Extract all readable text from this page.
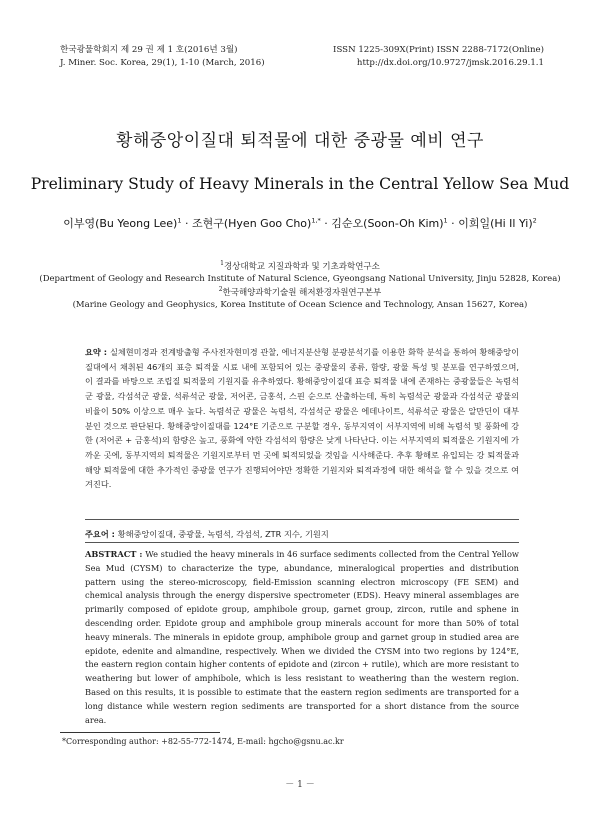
한국광물학회지 제 29 권 제 1 호(2016년 3월)
J. Miner. Soc. Korea, 29(1), 1-10 (March, 2016)
ISSN 1225-309X(Print) ISSN 2288-7172(Online)
http://dx.doi.org/10.9727/jmsk.2016.29.1.1
황해중앙이질대 퇴적물에 대한 중광물 예비 연구
Preliminary Study of Heavy Minerals in the Central Yellow Sea Mud
이부영(Bu Yeong Lee)$^1$ · 조현구(Hyen Goo Cho)$^{1,*}$ · 김순오(Soon-Oh Kim)$^1$ · 이희일(Hi Il Yi)$^2$
$^1$경상대학교 지질과학과 및 기초과학연구소
(Department of Geology and Research Institute of Natural Science, Gyeongsang National University, Jinju 52828, Korea)
$^2$한국해양과학기술원 해저환경자원연구본부
(Marine Geology and Geophysics, Korea Institute of Ocean Science and Technology, Ansan 15627, Korea)
요약 : 실체현미경과 전계방출형 주사전자현미경 관찰, 에너지분산형 분광분석기를 이용한 화학 분석을 통하여 황해중앙이질대에서 채취된 46개의 표층 퇴적물 시료 내에 포함되어 있는 중광물의 종류, 함량, 광물 특성 및 분포를 연구하였으며, 이 결과를 바탕으로 조립질 퇴적물의 기원지를 유추하였다. 황해중앙이질대 표층 퇴적물 내에 존재하는 중광물들은 녹렴석군 광물, 각섬석군 광물, 석류석군 광물, 저어콘, 금홍석, 스핀 순으로 산출하는데, 특히 녹렴석군 광물과 각섬석군 광물의 비율이 50% 이상으로 매우 높다. 녹렴석군 광물은 녹렴석, 각섬석군 광물은 에데나이트, 석류석군 광물은 알만딘이 대부분인 것으로 판단된다. 황해중앙이질대를 124°E 기준으로 구분할 경우, 동부지역이 서부지역에 비해 녹렴석 및 풍화에 강한 (저어콘 + 금홍석)의 함량은 높고, 풍화에 약한 각섬석의 함량은 낮게 나타난다. 이는 서부지역의 퇴적물은 기원지에 가까운 곳에, 동부지역의 퇴적물은 기원지로부터 먼 곳에 퇴적되었을 것임을 시사해준다. 추후 황해로 유입되는 강 퇴적물과 해양 퇴적물에 대한 추가적인 중광물 연구가 진행되어야만 정확한 기원지와 퇴적과정에 대한 해석을 할 수 있을 것으로 여겨진다.
주요어 : 황해중앙이질대, 중광물, 녹렴석, 각섬석, ZTR 지수, 기원지
ABSTRACT : We studied the heavy minerals in 46 surface sediments collected from the Central Yellow Sea Mud (CYSM) to characterize the type, abundance, mineralogical properties and distribution pattern using the stereo-microscopy, field-Emission scanning electron microscopy (FE SEM) and chemical analysis through the energy dispersive spectrometer (EDS). Heavy mineral assemblages are primarily composed of epidote group, amphibole group, garnet group, zircon, rutile and sphene in descending order. Epidote group and amphibole group minerals account for more than 50% of total heavy minerals. The minerals in epidote group, amphibole group and garnet group in studied area are epidote, edenite and almandine, respectively. When we divided the CYSM into two regions by 124°E, the eastern region contain higher contents of epidote and (zircon + rutile), which are more resistant to weathering but lower of amphibole, which is less resistant to weathering than the western region. Based on this results, it is possible to estimate that the eastern region sediments are transported for a long distance while western region sediments are transported for a short distance from the source area.
*Corresponding author: +82-55-772-1474, E-mail: hgcho@gsnu.ac.kr
－ 1 －
